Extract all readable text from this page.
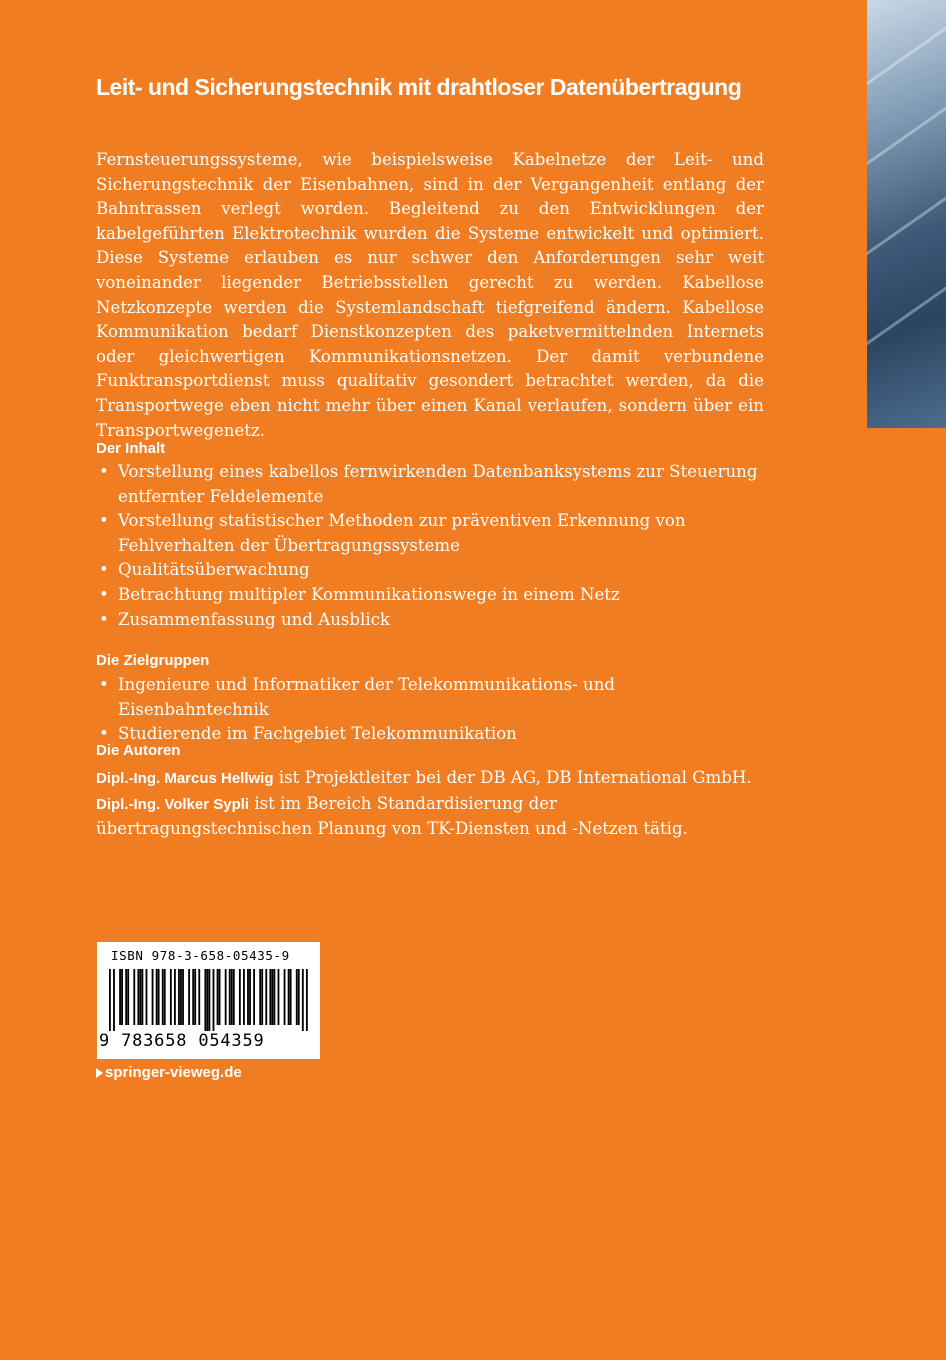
Leit- und Sicherungstechnik mit drahtloser Datenübertragung
Fernsteuerungssysteme, wie beispielsweise Kabelnetze der Leit- und Sicherungstechnik der Eisenbahnen, sind in der Vergangenheit entlang der Bahntrassen verlegt worden. Begleitend zu den Entwicklungen der kabelgeführten Elektrotechnik wurden die Systeme entwickelt und optimiert. Diese Systeme erlauben es nur schwer den Anforderungen sehr weit voneinander liegender Betriebsstellen gerecht zu werden. Kabellose Netzkonzepte werden die Systemlandschaft tiefgreifend ändern. Kabellose Kommunikation bedarf Dienstkonzepten des paketvermittelnden Internets oder gleichwertigen Kommunikationsnetzen. Der damit verbundene Funktransportdienst muss qualitativ gesondert betrachtet werden, da die Transportwege eben nicht mehr über einen Kanal verlaufen, sondern über ein Transportwegenetz.
Der Inhalt
• Vorstellung eines kabellos fernwirkenden Datenbanksystems zur Steuerung entfernter Feldelemente
• Vorstellung statistischer Methoden zur präventiven Erkennung von Fehlverhalten der Übertragungssysteme
• Qualitätsüberwachung
• Betrachtung multipler Kommunikationswege in einem Netz
• Zusammenfassung und Ausblick
Die Zielgruppen
• Ingenieure und Informatiker der Telekommunikations- und Eisenbahntechnik
• Studierende im Fachgebiet Telekommunikation
Die Autoren
Dipl.-Ing. Marcus Hellwig ist Projektleiter bei der DB AG, DB International GmbH.
Dipl.-Ing. Volker Sypli ist im Bereich Standardisierung der übertragungstechnischen Planung von TK-Diensten und -Netzen tätig.
ISBN 978-3-658-05435-9
9 783658 054359
springer-vieweg.de
